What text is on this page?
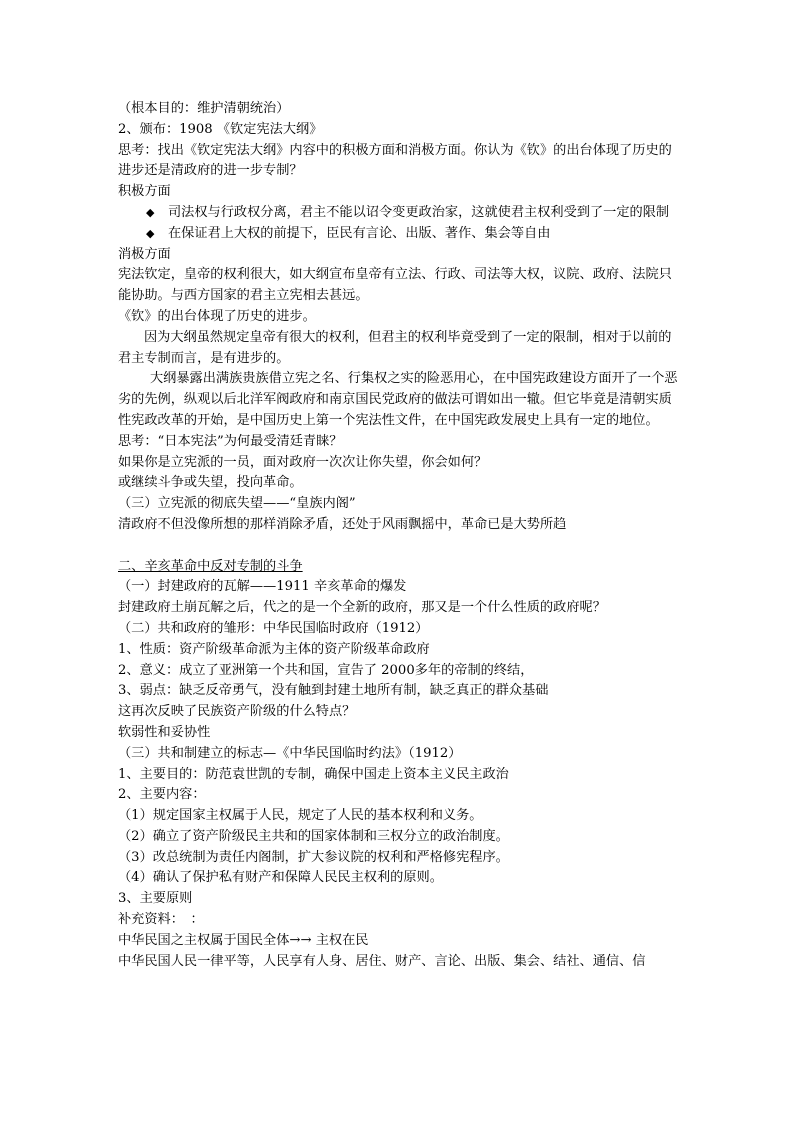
（根本目的：维护清朝统治）
2、颁布：1908 《钦定宪法大纲》
思考：找出《钦定宪法大纲》内容中的积极方面和消极方面。你认为《钦》的出台体现了历史的进步还是清政府的进一步专制？
积极方面
◆	司法权与行政权分离，君主不能以诏令变更政治家，这就使君主权利受到了一定的限制
◆	在保证君上大权的前提下，臣民有言论、出版、著作、集会等自由
消极方面
宪法钦定，皇帝的权利很大，如大纲宣布皇帝有立法、行政、司法等大权，议院、政府、法院只能协助。与西方国家的君主立宪相去甚远。
《钦》的出台体现了历史的进步。
因为大纲虽然规定皇帝有很大的权利，但君主的权利毕竟受到了一定的限制，相对于以前的君主专制而言，是有进步的。
大纲暴露出满族贵族借立宪之名、行集权之实的险恶用心，在中国宪政建设方面开了一个恶劣的先例，纵观以后北洋军阀政府和南京国民党政府的做法可谓如出一辙。但它毕竟是清朝实质性宪政改革的开始，是中国历史上第一个宪法性文件，在中国宪政发展史上具有一定的地位。
思考：“日本宪法”为何最受清廷青睐？
如果你是立宪派的一员，面对政府一次次让你失望，你会如何？
或继续斗争或失望，投向革命。
（三）立宪派的彻底失望——“皇族内阁”
清政府不但没像所想的那样消除矛盾，还处于风雨飘摇中，革命已是大势所趋
二、辛亥革命中反对专制的斗争
（一）封建政府的瓦解——1911 辛亥革命的爆发
封建政府土崩瓦解之后，代之的是一个全新的政府，那又是一个什么性质的政府呢？
（二）共和政府的雏形：中华民国临时政府（1912）
1、性质：资产阶级革命派为主体的资产阶级革命政府
2、意义：成立了亚洲第一个共和国，宣告了 2000多年的帝制的终结，
3、弱点：缺乏反帝勇气，没有触到封建土地所有制，缺乏真正的群众基础
这再次反映了民族资产阶级的什么特点？
软弱性和妥协性
（三）共和制建立的标志—《中华民国临时约法》（1912）
1、主要目的：防范袁世凯的专制，确保中国走上资本主义民主政治
2、主要内容：
（1）规定国家主权属于人民，规定了人民的基本权利和义务。
（2）确立了资产阶级民主共和的国家体制和三权分立的政治制度。
（3）改总统制为责任内阁制，扩大参议院的权利和严格修宪程序。
（4）确认了保护私有财产和保障人民民主权利的原则。
3、主要原则
补充资料：　：
中华民国之主权属于国民全体→→ 主权在民
中华民国人民一律平等，人民享有人身、居住、财产、言论、出版、集会、结社、通信、信
